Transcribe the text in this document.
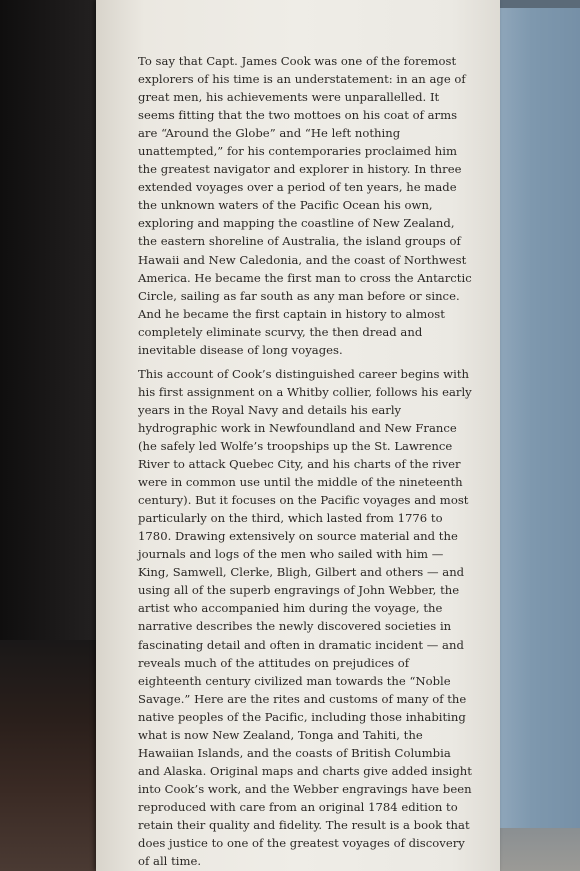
To say that Capt. James Cook was one of the foremost explorers of his time is an understatement: in an age of great men, his achievements were unparallelled. It seems fitting that the two mottoes on his coat of arms are “Around the Globe” and “He left nothing unattempted,” for his contemporaries proclaimed him the greatest navigator and explorer in history. In three extended voyages over a period of ten years, he made the unknown waters of the Pacific Ocean his own, exploring and mapping the coastline of New Zealand, the eastern shoreline of Australia, the island groups of Hawaii and New Caledonia, and the coast of Northwest America. He became the first man to cross the Antarctic Circle, sailing as far south as any man before or since. And he became the first captain in history to almost completely eliminate scurvy, the then dread and inevitable disease of long voyages.

This account of Cook’s distinguished career begins with his first assignment on a Whitby collier, follows his early years in the Royal Navy and details his early hydrographic work in Newfoundland and New France (he safely led Wolfe’s troopships up the St. Lawrence River to attack Quebec City, and his charts of the river were in common use until the middle of the nineteenth century). But it focuses on the Pacific voyages and most particularly on the third, which lasted from 1776 to 1780. Drawing extensively on source material and the journals and logs of the men who sailed with him — King, Samwell, Clerke, Bligh, Gilbert and others — and using all of the superb engravings of John Webber, the artist who accompanied him during the voyage, the narrative describes the newly discovered societies in fascinating detail and often in dramatic incident — and reveals much of the attitudes on prejudices of eighteenth century civilized man towards the “Noble Savage.” Here are the rites and customs of many of the native peoples of the Pacific, including those inhabiting what is now New Zealand, Tonga and Tahiti, the Hawaiian Islands, and the coasts of British Columbia and Alaska. Original maps and charts give added insight into Cook’s work, and the Webber engravings have been reproduced with care from an original 1784 edition to retain their quality and fidelity. The result is a book that does justice to one of the greatest voyages of discovery of all time.
